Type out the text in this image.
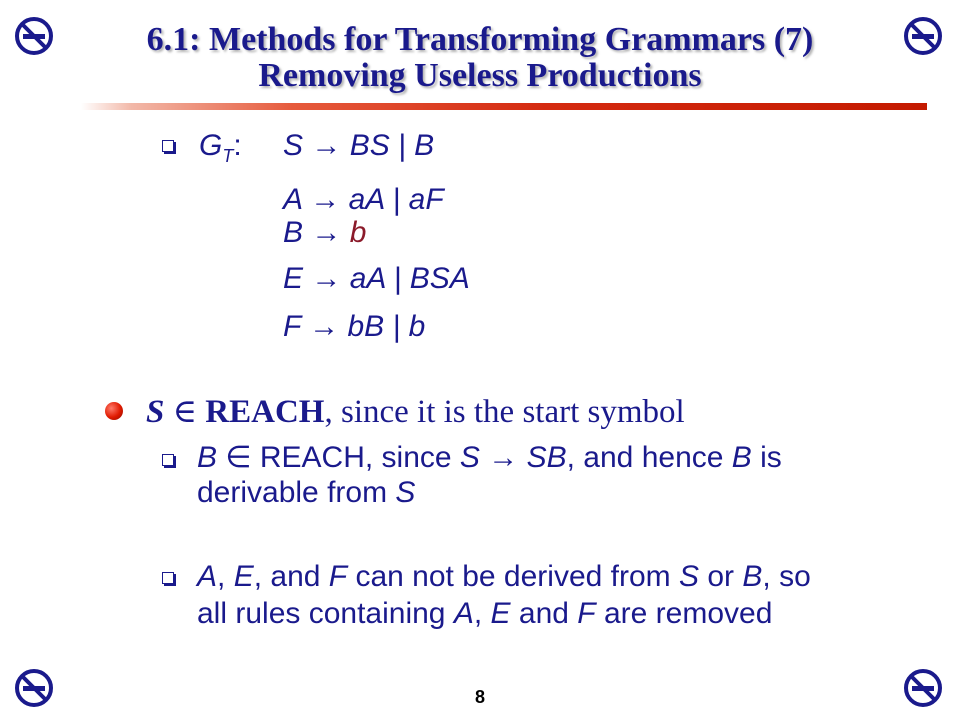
6.1: Methods for Transforming Grammars (7)
Removing Useless Productions
$G_T$: S → BS | B
A → aA | aF
B → b
E → aA | BSA
F → bB | b
S ∈ REACH, since it is the start symbol
B ∈ REACH, since S → SB, and hence B is
derivable from S
A, E, and F can not be derived from S or B, so
all rules containing A, E and F are removed
8
